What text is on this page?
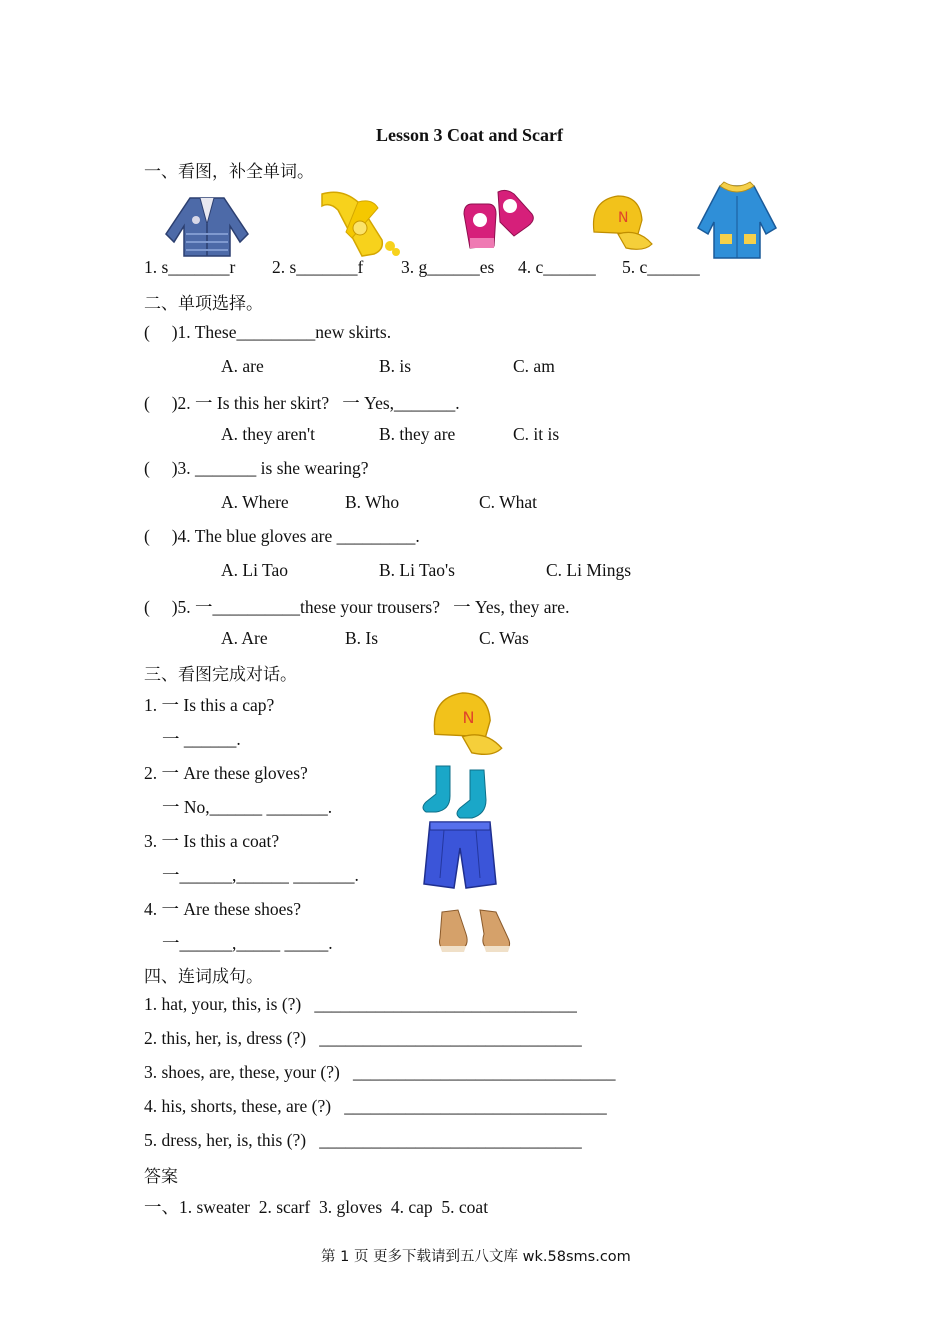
Lesson 3 Coat and Scarf
一、看图，补全单词。
N
1. s_______r 2. s_______f 3. g______es 4. c______ 5. c______
二、单项选择。
(     )1. These_________new skirts.
A. are	B. is	C. am
(     )2. 一 Is this her skirt?   一 Yes,_______.
A. they aren't	B. they are	C. it is
(     )3. _______ is she wearing?
A. Where	B. Who	C. What
(     )4. The blue gloves are _________.
A. Li Tao	B. Li Tao's	C. Li Mings
(     )5. 一__________these your trousers?   一 Yes, they are.
A. Are	B. Is	C. Was
三、看图完成对话。
1. 一 Is this a cap?
一 ______.
2. 一 Are these gloves?
一 No,______ _______.
3. 一 Is this a coat?
一______,______ _______.
4. 一 Are these shoes?
一______,_____ _____.
N
四、连词成句。
1. hat, your, this, is (?)   ______________________________
2. this, her, is, dress (?)   ______________________________
3. shoes, are, these, your (?)   ______________________________
4. his, shorts, these, are (?)   ______________________________
5. dress, her, is, this (?)   ______________________________
答案
一、1. sweater  2. scarf  3. gloves  4. cap  5. coat
第 1 页 更多下载请到五八文库 wk.58sms.com
